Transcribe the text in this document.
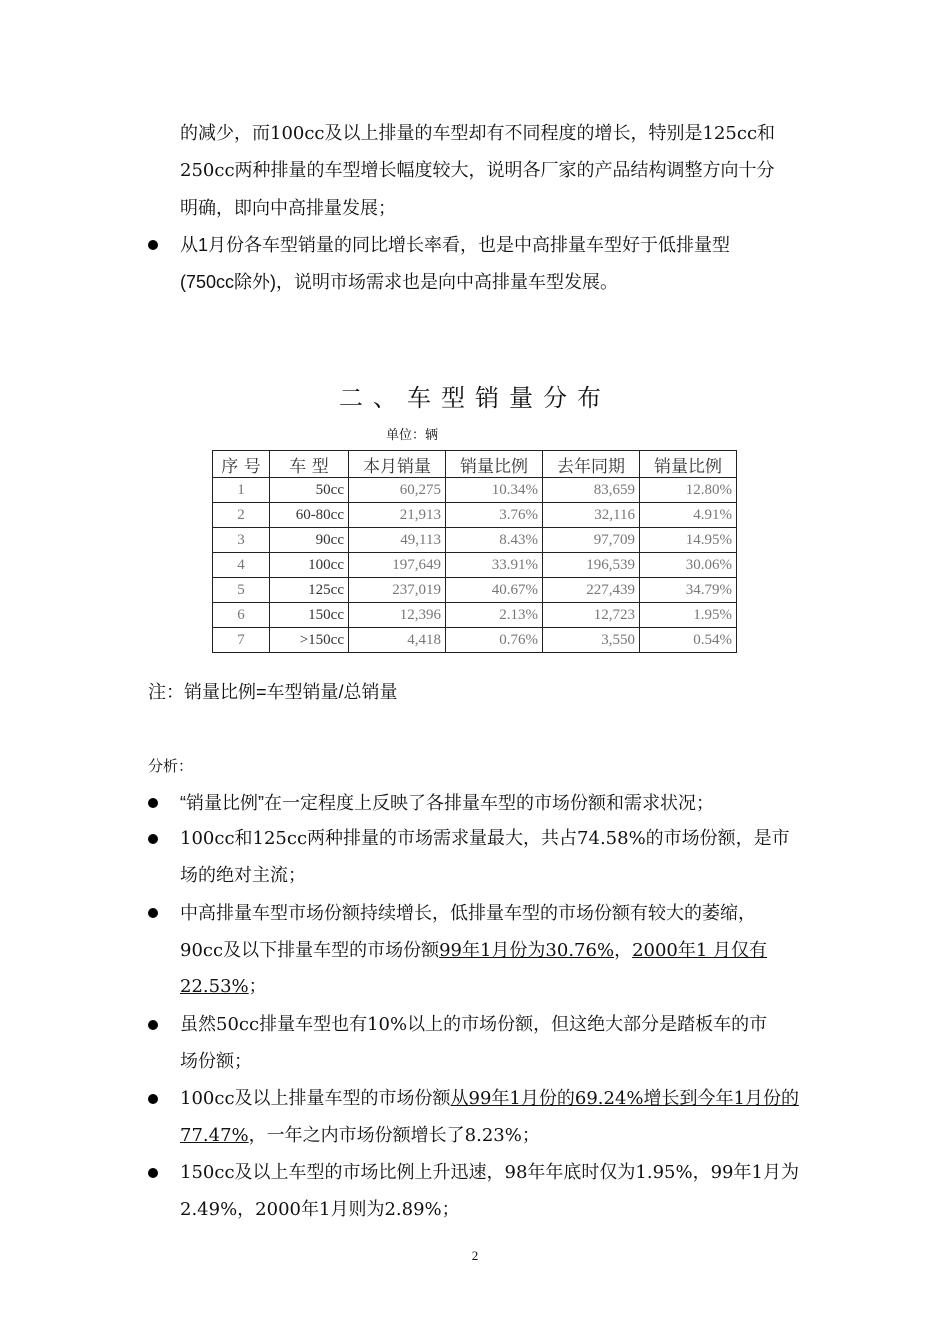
的减少，而100cc及以上排量的车型却有不同程度的增长，特别是125cc和
250cc两种排量的车型增长幅度较大，说明各厂家的产品结构调整方向十分
明确，即向中高排量发展；
从1月份各车型销量的同比增长率看，也是中高排量车型好于低排量型
(750cc除外)，说明市场需求也是向中高排量车型发展。
二、车型销量分布
单位：辆
序 号	车 型	本月销量	销量比例	去年同期	销量比例
1	50cc	60,275	10.34%	83,659	12.80%
2	60-80cc	21,913	3.76%	32,116	4.91%
3	90cc	49,113	8.43%	97,709	14.95%
4	100cc	197,649	33.91%	196,539	30.06%
5	125cc	237,019	40.67%	227,439	34.79%
6	150cc	12,396	2.13%	12,723	1.95%
7	>150cc	4,418	0.76%	3,550	0.54%
注：销量比例=车型销量/总销量
分析：
“销量比例”在一定程度上反映了各排量车型的市场份额和需求状况；
100cc和125cc两种排量的市场需求量最大，共占74.58%的市场份额，是市
场的绝对主流；
中高排量车型市场份额持续增长，低排量车型的市场份额有较大的萎缩，
90cc及以下排量车型的市场份额99年1月份为30.76%，2000年1 月仅有
22.53%；
虽然50cc排量车型也有10%以上的市场份额，但这绝大部分是踏板车的市
场份额；
100cc及以上排量车型的市场份额从99年1月份的69.24%增长到今年1月份的
77.47%，一年之内市场份额增长了8.23%；
150cc及以上车型的市场比例上升迅速，98年年底时仅为1.95%，99年1月为
2.49%，2000年1月则为2.89%；
2
